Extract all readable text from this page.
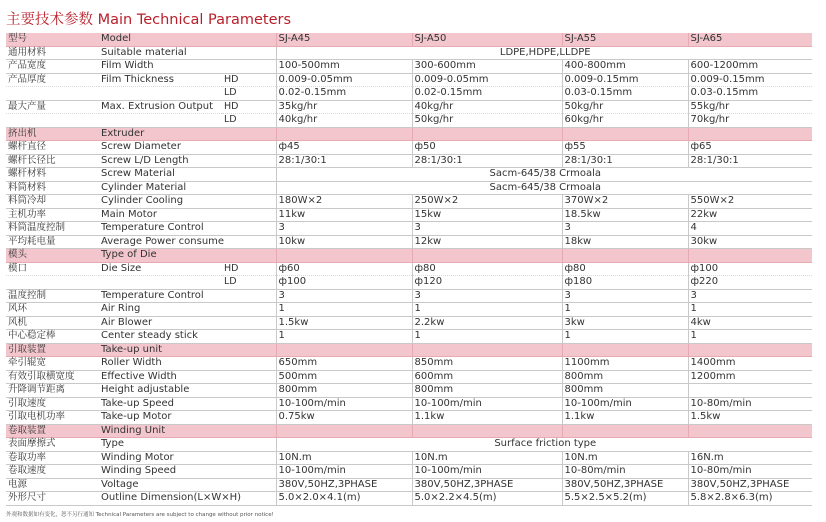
主要技术参数 Main Technical Parameters
型号	Model		SJ-A45	SJ-A50	SJ-A55	SJ-A65
通用材料	Suitable material		LDPE,HDPE,LLDPE			
产品宽度	Film Width		100-500mm	300-600mm	400-800mm	600-1200mm
产品厚度	Film Thickness	HD	0.009-0.05mm	0.009-0.05mm	0.009-0.15mm	0.009-0.15mm
		LD	0.02-0.15mm	0.02-0.15mm	0.03-0.15mm	0.03-0.15mm
最大产量	Max. Extrusion Output	HD	35kg/hr	40kg/hr	50kg/hr	55kg/hr
		LD	40kg/hr	50kg/hr	60kg/hr	70kg/hr
挤出机	Extruder					
螺杆直径	Screw Diameter		ф45	ф50	ф55	ф65
螺杆长径比	Screw L/D Length		28:1/30:1	28:1/30:1	28:1/30:1	28:1/30:1
螺杆材料	Screw Material		Sacm-645/38 Crmoala			
料筒材料	Cylinder Material		Sacm-645/38 Crmoala			
料筒冷却	Cylinder Cooling		180W×2	250W×2	370W×2	550W×2
主机功率	Main Motor		11kw	15kw	18.5kw	22kw
料筒温度控制	Temperature Control		3	3	3	4
平均耗电量	Average Power consume		10kw	12kw	18kw	30kw
模头	Type of Die					
模口	Die Size	HD	ф60	ф80	ф80	ф100
		LD	ф100	ф120	ф180	ф220
温度控制	Temperature Control		3	3	3	3
风环	Air Ring		1	1	1	1
风机	Air Blower		1.5kw	2.2kw	3kw	4kw
中心稳定棒	Center steady stick		1	1	1	1
引取装置	Take-up unit					
牵引辊宽	Roller Width		650mm	850mm	1100mm	1400mm
有效引取横宽度	Effective Width		500mm	600mm	800mm	1200mm
升降调节距离	Height adjustable		800mm	800mm	800mm	
引取速度	Take-up Speed		10-100m/min	10-100m/min	10-100m/min	10-80m/min
引取电机功率	Take-up Motor		0.75kw	1.1kw	1.1kw	1.5kw
卷取装置	Winding Unit					
表面摩擦式	Type		Surface friction type			
卷取功率	Winding Motor		10N.m	10N.m	10N.m	16N.m
卷取速度	Winding Speed		10-100m/min	10-100m/min	10-80m/min	10-80m/min
电源	Voltage		380V,50HZ,3PHASE	380V,50HZ,3PHASE	380V,50HZ,3PHASE	380V,50HZ,3PHASE
外形尺寸	Outline Dimension(L×W×H)		5.0×2.0×4.1(m)	5.0×2.2×4.5(m)	5.5×2.5×5.2(m)	5.8×2.8×6.3(m)
外观和数据如有变化，恕不另行通知 Technical Parameters are subject to change without prior notice!
